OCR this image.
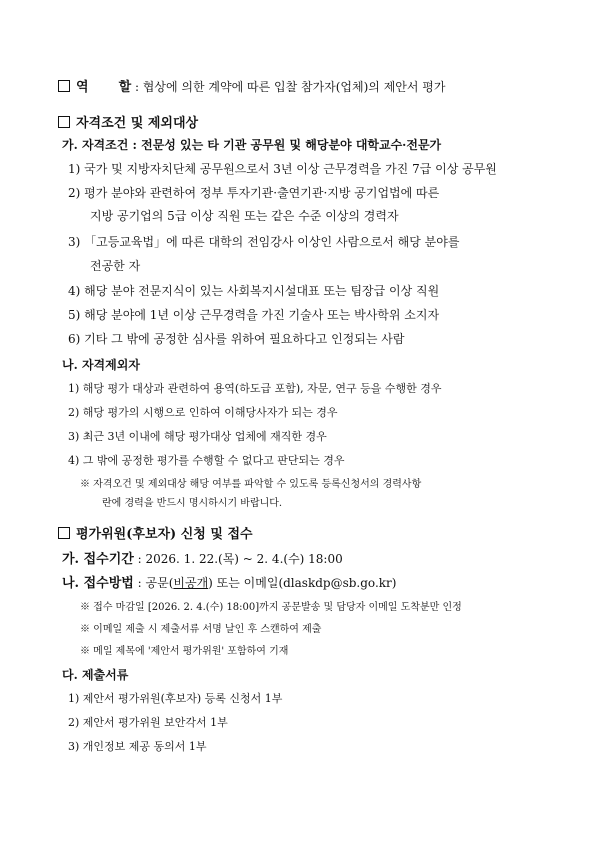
역 할 : 협상에 의한 계약에 따른 입찰 참가자(업체)의 제안서 평가
자격조건 및 제외대상
가. 자격조건 : 전문성 있는 타 기관 공무원 및 해당분야 대학교수·전문가
1) 국가 및 지방자치단체 공무원으로서 3년 이상 근무경력을 가진 7급 이상 공무원
2) 평가 분야와 관련하여 정부 투자기관·출연기관·지방 공기업법에 따른
지방 공기업의 5급 이상 직원 또는 같은 수준 이상의 경력자
3) 「고등교육법」에 따른 대학의 전임강사 이상인 사람으로서 해당 분야를
전공한 자
4) 해당 분야 전문지식이 있는 사회복지시설대표 또는 팀장급 이상 직원
5) 해당 분야에 1년 이상 근무경력을 가진 기술사 또는 박사학위 소지자
6) 기타 그 밖에 공정한 심사를 위하여 필요하다고 인정되는 사람
나. 자격제외자
1) 해당 평가 대상과 관련하여 용역(하도급 포함), 자문, 연구 등을 수행한 경우
2) 해당 평가의 시행으로 인하여 이해당사자가 되는 경우
3) 최근 3년 이내에 해당 평가대상 업체에 재직한 경우
4) 그 밖에 공정한 평가를 수행할 수 없다고 판단되는 경우
※ 자격오건 및 제외대상 해당 여부를 파악할 수 있도록 등록신청서의 경력사항
란에 경력을 반드시 명시하시기 바랍니다.
평가위원(후보자) 신청 및 접수
가. 접수기간 : 2026. 1. 22.(목) ~ 2. 4.(수) 18:00
나. 접수방법 : 공문(비공개) 또는 이메일(dlaskdp@sb.go.kr)
※ 접수 마감일 [2026. 2. 4.(수) 18:00]까지 공문발송 및 담당자 이메일 도착분만 인정
※ 이메일 제출 시 제출서류 서명 날인 후 스캔하여 제출
※ 메일 제목에 '제안서 평가위원' 포함하여 기재
다. 제출서류
1) 제안서 평가위원(후보자) 등록 신청서 1부
2) 제안서 평가위원 보안각서 1부
3) 개인정보 제공 동의서 1부
